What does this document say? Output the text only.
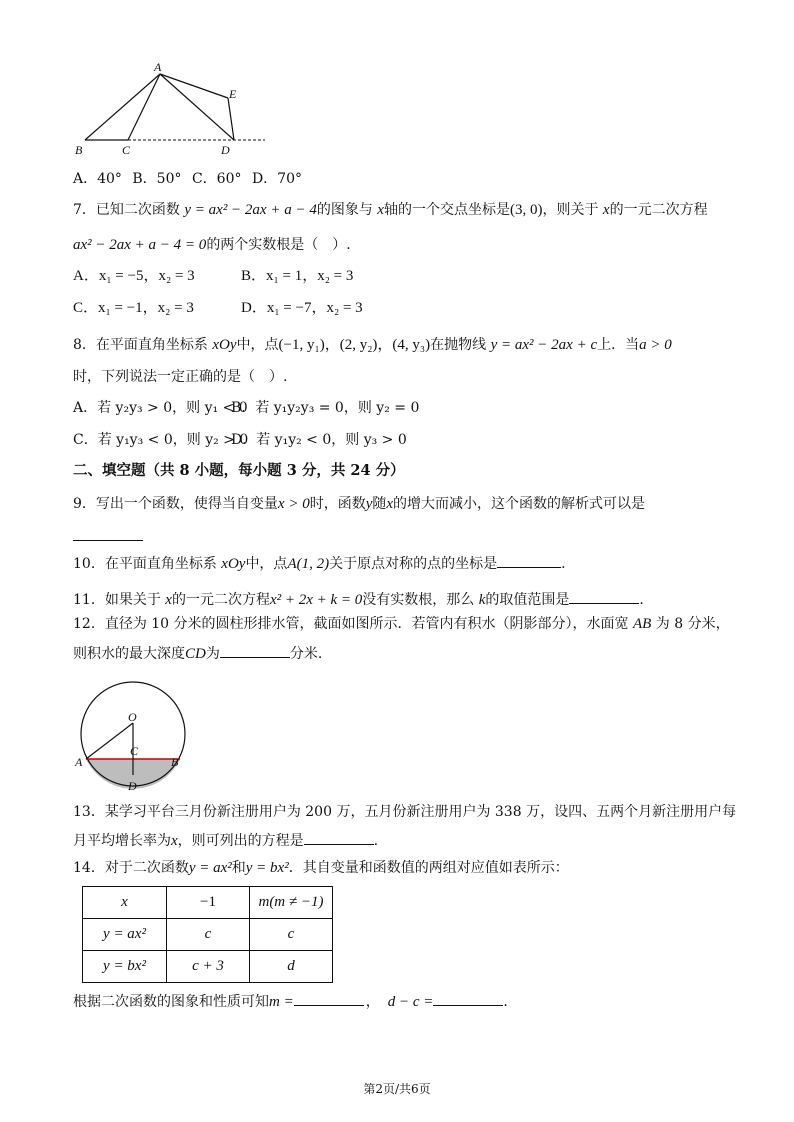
A
B	C	D
E
A．40° B．50° C．60° D．70°
7．已知二次函数 y = ax² − 2ax + a − 4的图象与 x轴的一个交点坐标是(3, 0)，则关于 x的一元二次方程
ax² − 2ax + a − 4 = 0的两个实数根是（　）.
A．x₁ = −5，x₂ = 3	B．x₁ = 1，x₂ = 3
C．x₁ = −1，x₂ = 3	D．x₁ = −7，x₂ = 3
8．在平面直角坐标系 xOy中，点(−1, y₁)，(2, y₂)，(4, y₃)在抛物线 y = ax² − 2ax + c上．当a > 0
时，下列说法一定正确的是（　）.
A．若 y₂y₃ > 0，则 y₁ < 0B．若 y₁y₂y₃ = 0，则 y₂ = 0
C．若 y₁y₃ < 0，则 y₂ > 0D．若 y₁y₂ < 0，则 y₃ > 0
二、填空题（共 8 小题，每小题 3 分，共 24 分）
9．写出一个函数，使得当自变量x > 0时，函数y随x的增大而减小，这个函数的解析式可以是
10．在平面直角坐标系 xOy中，点A(1, 2)关于原点对称的点的坐标是	.
11．如果关于 x的一元二次方程x² + 2x + k = 0没有实数根，那么 k的取值范围是	.
12．直径为 10 分米的圆柱形排水管，截面如图所示．若管内有积水（阴影部分），水面宽 AB 为 8 分米，
则积水的最大深度CD为	分米.
O
C
A	B
D
13．某学习平台三月份新注册用户为 200 万，五月份新注册用户为 338 万，设四、五两个月新注册用户每
月平均增长率为x，则可列出的方程是	.
14．对于二次函数y = ax²和y = bx²．其自变量和函数值的两组对应值如表所示：
x	−1	m(m ≠ −1)
y = ax²	c	c
y = bx²	c + 3	d
根据二次函数的图象和性质可知m =	， d − c =	.
第2页/共6页
